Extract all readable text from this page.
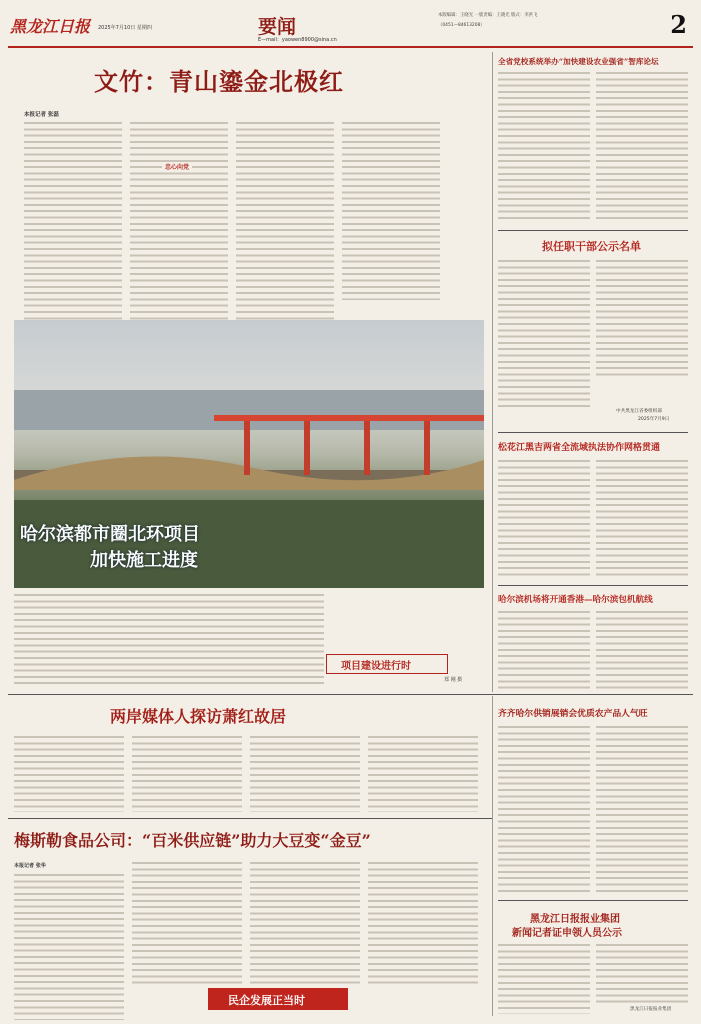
黑龙江日报 2025年7月10日 星期四	要闻
E—mail：yaowen8900@sina.cn
本版编辑：王晓光 一版责编：王晓光 版式：李洪飞
（0451—84613208）	2
文竹：青山鎏金北极红
本报记者 张磊
忠心向党
哈尔滨都市圈北环项目
加快施工进度
项目建设进行时
郑 刚 摄
全省党校系统举办“加快建设农业强省”智库论坛
拟任职干部公示名单
中共黑龙江省委组织部
2025年7月9日
松花江黑吉两省全流域执法协作网格贯通
哈尔滨机场将开通香港—哈尔滨包机航线
两岸媒体人探访萧红故居	齐齐哈尔供销展销会优质农产品人气旺
梅斯勒食品公司：“百米供应链”助力大豆变“金豆”
本报记者 张华
民企发展正当时
黑龙江日报报业集团
新闻记者证申领人员公示
黑龙江日报报业集团
